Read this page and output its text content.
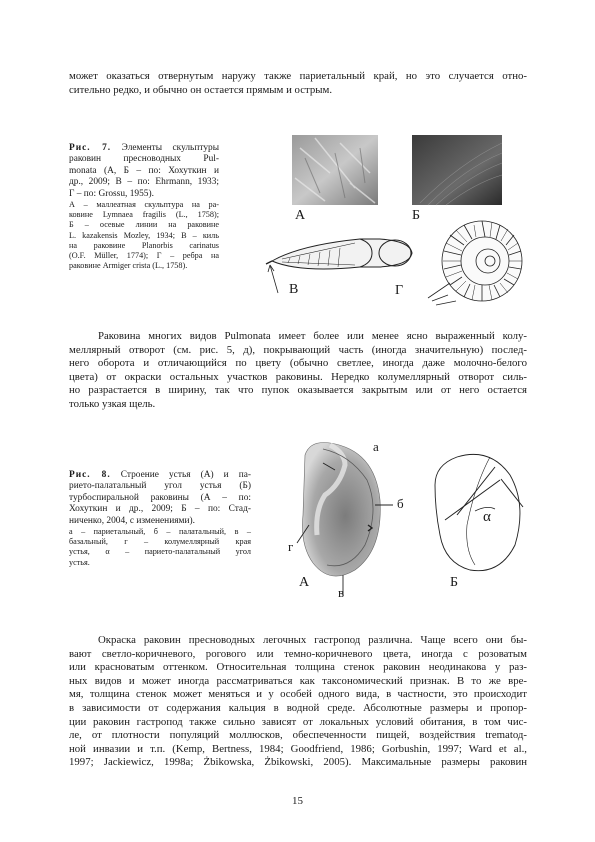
может оказаться отвернутым наружу также париетальный край, но это случается отно-
сительно редко, и обычно он остается прямым и острым.
Рис. 7. Элементы скульптуры
раковин пресноводных Pul-
monata (А, Б – по: Хохуткин и
др., 2009; В – по: Ehrmann, 1933;
Г – по: Grossu, 1955).
А – маллеатная скульптура на ра-
ковине Lymnaea fragilis (L., 1758);
Б – осевые линии на раковине
L. kazakensis Mozley, 1934; В – киль
на раковине Planorbis carinatus
(O.F. Müller, 1774); Г – ребра на
раковине Armiger crista (L., 1758).
А	Б
В	Г
Раковина многих видов Pulmonata имеет более или менее ясно выраженный колу-
меллярный отворот (см. рис. 5, д), покрывающий часть (иногда значительную) послед-
него оборота и отличающийся по цвету (обычно светлее, иногда даже молочно-белого
цвета) от окраски остальных участков раковины. Нередко колумеллярный отворот силь-
но разрастается в ширину, так что пупок оказывается закрытым или от него остается
только узкая щель.
Рис. 8. Строение устья (А) и па-
риетo-палатальный угол устья (Б)
турбоспиральной раковины (А – по:
Хохуткин и др., 2009; Б – по: Стад-
ниченко, 2004, с изменениями).
а – париетальный, б – палатальный, в –
базальный, г – колумеллярный края
устья, α – парието-палатальный угол
устья.
а
б
в
г
А	Б
α
Окраска раковин пресноводных легочных гастропод различна. Чаще всего они бы-
вают светло-коричневого, рогового или темно-коричневого цвета, иногда с розоватым
или красноватым оттенком. Относительная толщина стенок раковин неодинакова у раз-
ных видов и может иногда рассматриваться как таксономический признак. В то же вре-
мя, толщина стенок может меняться и у особей одного вида, в частности, это происходит
в зависимости от содержания кальция в водной среде. Абсолютные размеры и пропор-
ции раковин гастропод также сильно зависят от локальных условий обитания, в том чис-
ле, от плотности популяций моллюсков, обеспеченности пищей, воздействия trematод-
ной инвазии и т.п. (Kemp, Bertness, 1984; Goodfriend, 1986; Gorbushin, 1997; Ward et al.,
1997; Jackiewicz, 1998a; Żbikowska, Żbikowski, 2005). Максимальные размеры раковин
15
